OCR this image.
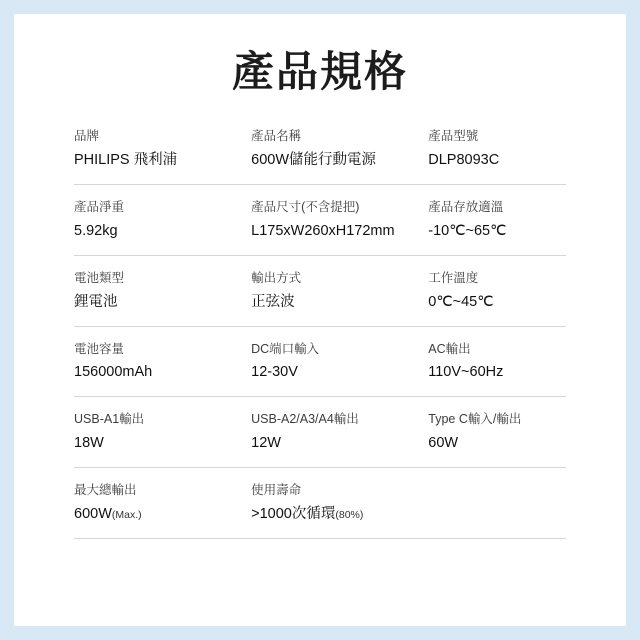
產品規格
品牌
PHILIPS 飛利浦
產品名稱
600W儲能行動電源
產品型號
DLP8093C
產品淨重
5.92kg
產品尺寸(不含提把)
L175xW260xH172mm
產品存放適溫
-10℃~65℃
電池類型
鋰電池
輸出方式
正弦波
工作溫度
0℃~45℃
電池容量
156000mAh
DC端口輸入
12-30V
AC輸出
110V~60Hz
USB-A1輸出
18W
USB-A2/A3/A4輸出
12W
Type C輸入/輸出
60W
最大總輸出
600W(Max.)
使用壽命
>1000次循環(80%)
